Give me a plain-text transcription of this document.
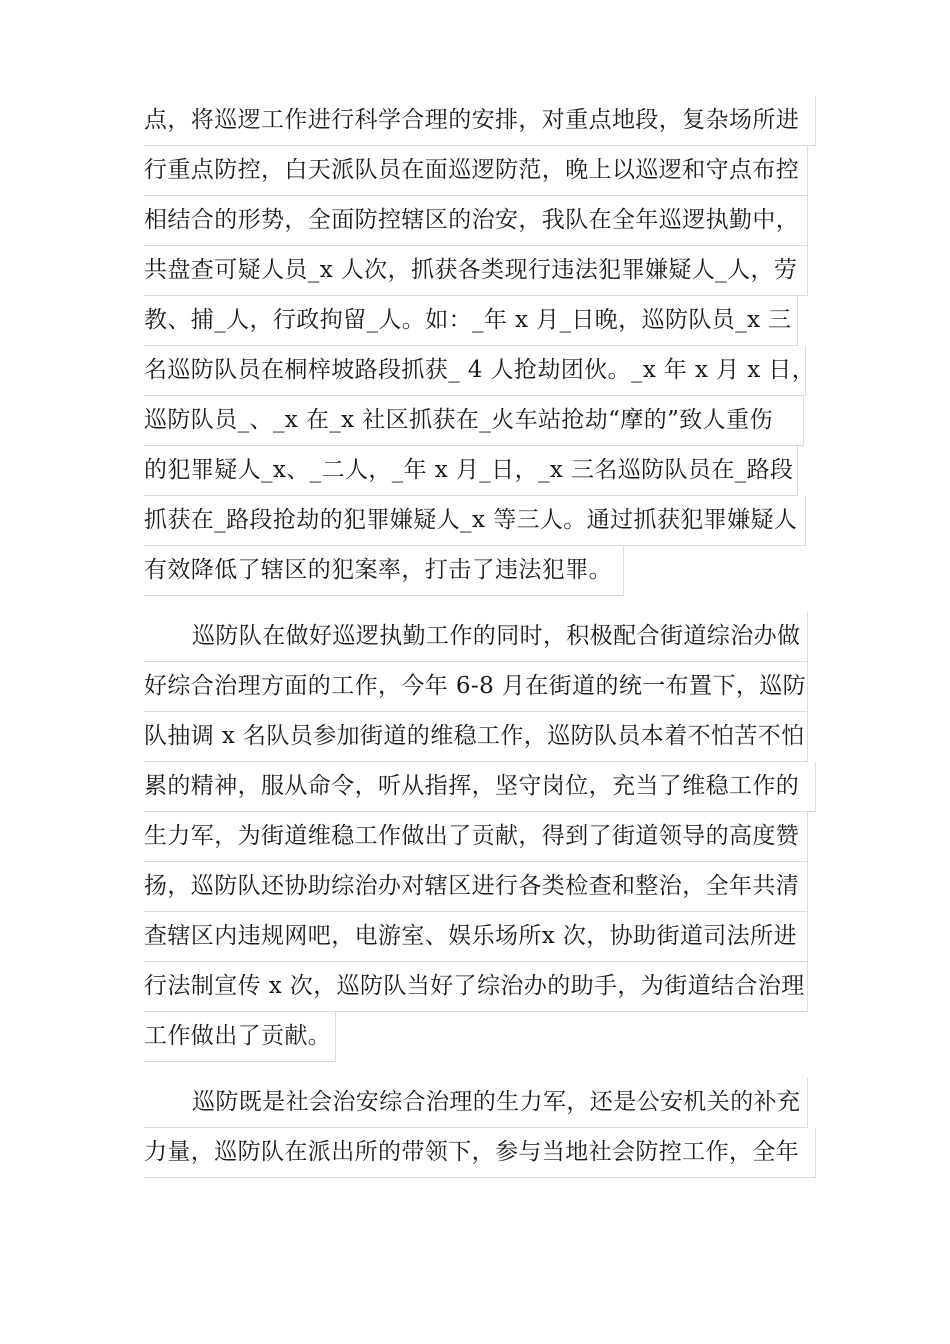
点，将巡逻工作进行科学合理的安排，对重点地段，复杂场所进
行重点防控，白天派队员在面巡逻防范，晚上以巡逻和守点布控
相结合的形势，全面防控辖区的治安，我队在全年巡逻执勤中，
共盘查可疑人员_x 人次，抓获各类现行违法犯罪嫌疑人_人，劳
教、捕_人，行政拘留_人。如：_年 x 月_日晚，巡防队员_x 三
名巡防队员在桐梓坡路段抓获_ 4 人抢劫团伙。_x 年 x 月 x 日，
巡防队员_、_x 在_x 社区抓获在_火车站抢劫“摩的”致人重伤
的犯罪疑人_x、_二人，_年 x 月_日，_x 三名巡防队员在_路段
抓获在_路段抢劫的犯罪嫌疑人_x 等三人。通过抓获犯罪嫌疑人
有效降低了辖区的犯案率，打击了违法犯罪。
巡防队在做好巡逻执勤工作的同时，积极配合街道综治办做
好综合治理方面的工作，今年 6-8 月在街道的统一布置下，巡防
队抽调 x 名队员参加街道的维稳工作，巡防队员本着不怕苦不怕
累的精神，服从命令，听从指挥，坚守岗位，充当了维稳工作的
生力军，为街道维稳工作做出了贡献，得到了街道领导的高度赞
扬，巡防队还协助综治办对辖区进行各类检查和整治，全年共清
查辖区内违规网吧，电游室、娱乐场所x 次，协助街道司法所进
行法制宣传 x 次，巡防队当好了综治办的助手，为街道结合治理
工作做出了贡献。
巡防既是社会治安综合治理的生力军，还是公安机关的补充
力量，巡防队在派出所的带领下，参与当地社会防控工作，全年
